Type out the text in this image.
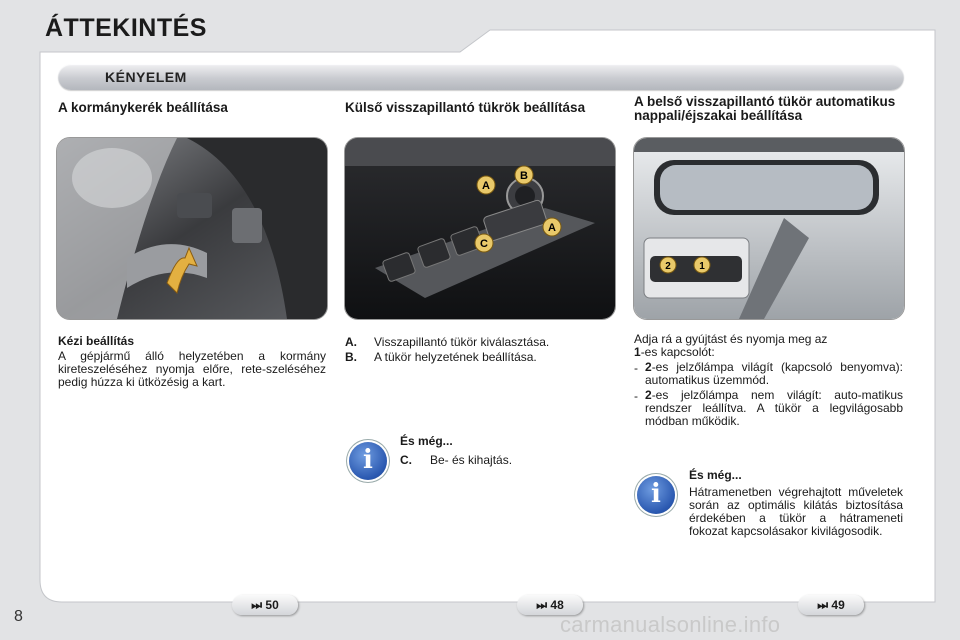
ÁTTEKINTÉS
KÉNYELEM
A kormánykerék beállítása
Kézi beállítás
A gépjármű álló helyzetében a kormány kireteszeléséhez nyomja előre, rete-szeléséhez pedig húzza ki ütközésig a kart.
Külső visszapillantó tükrök beállítása
A
B
A
C
A. Visszapillantó tükör kiválasztása.
B. A tükör helyzetének beállítása.
i
És még...
C. Be- és kihajtás.
A belső visszapillantó tükör automatikus nappali/éjszakai beállítása
2	1
Adja rá a gyújtást és nyomja meg az
1-es kapcsolót:
- 2-es jelzőlámpa világít (kapcsoló benyomva): automatikus üzemmód.
- 2-es jelzőlámpa nem világít: auto-matikus rendszer leállítva. A tükör a legvilágosabb módban működik.
i
És még...
Hátramenetben végrehajtott műveletek során az optimális kilátás biztosítása érdekében a tükör a hátrameneti fokozat kapcsolásakor kivilágosodik.
⏭ 50	⏭ 48	⏭ 49
8	carmanualsonline.info
